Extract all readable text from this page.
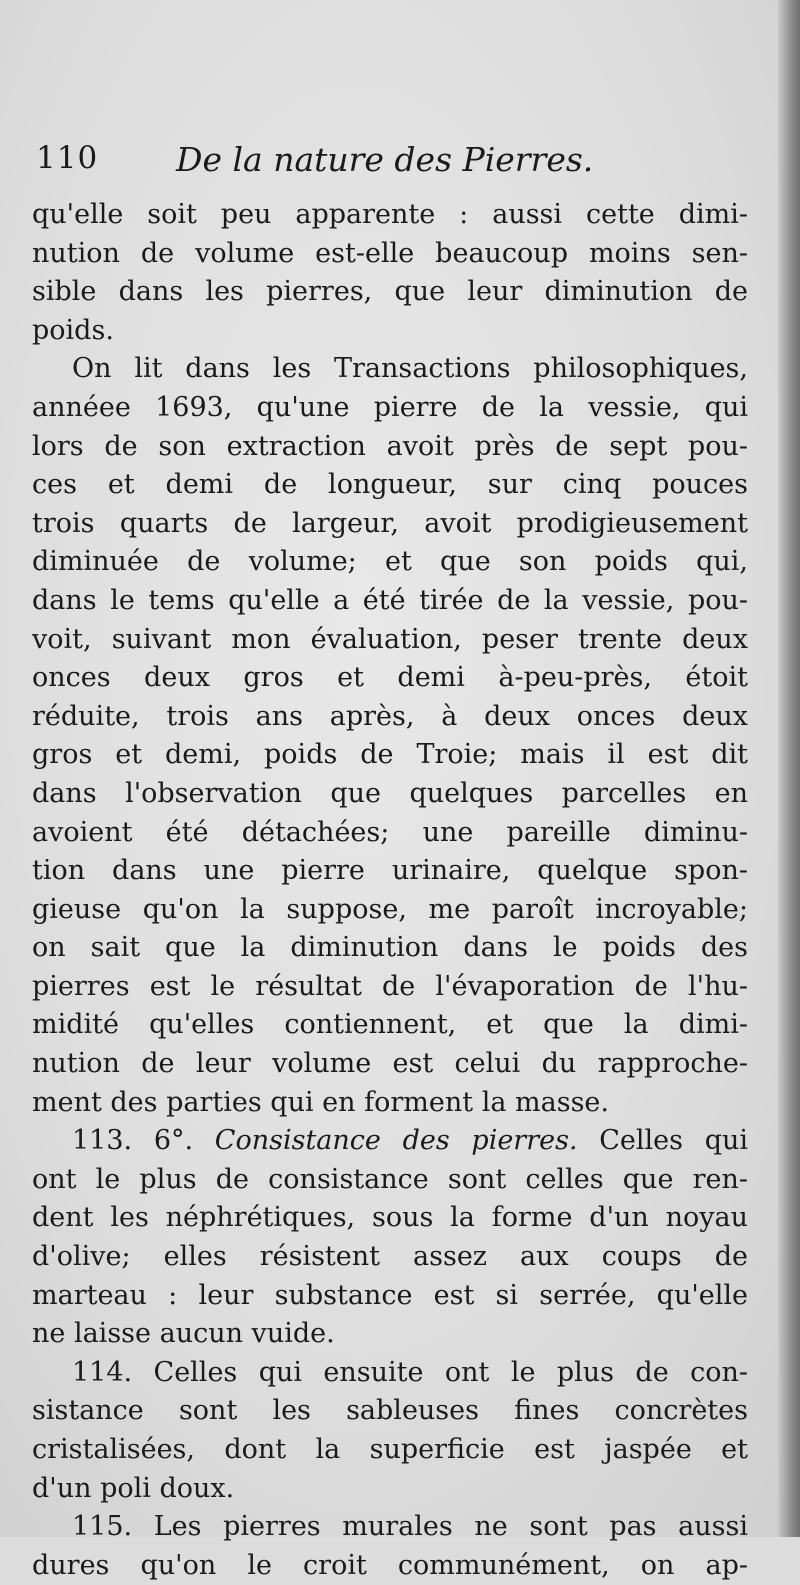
110 De la nature des Pierres.
qu'elle soit peu apparente : aussi cette dimi-
nution de volume est-elle beaucoup moins sen-
sible dans les pierres, que leur diminution de
poids.
On lit dans les Transactions philosophiques,
annéee 1693, qu'une pierre de la vessie, qui
lors de son extraction avoit près de sept pou-
ces et demi de longueur, sur cinq pouces
trois quarts de largeur, avoit prodigieusement
diminuée de volume; et que son poids qui,
dans le tems qu'elle a été tirée de la vessie, pou-
voit, suivant mon évaluation, peser trente deux
onces deux gros et demi à-peu-près, étoit
réduite, trois ans après, à deux onces deux
gros et demi, poids de Troie; mais il est dit
dans l'observation que quelques parcelles en
avoient été détachées; une pareille diminu-
tion dans une pierre urinaire, quelque spon-
gieuse qu'on la suppose, me paroît incroyable;
on sait que la diminution dans le poids des
pierres est le résultat de l'évaporation de l'hu-
midité qu'elles contiennent, et que la dimi-
nution de leur volume est celui du rapproche-
ment des parties qui en forment la masse.
113. 6°. Consistance des pierres. Celles qui
ont le plus de consistance sont celles que ren-
dent les néphrétiques, sous la forme d'un noyau
d'olive; elles résistent assez aux coups de
marteau : leur substance est si serrée, qu'elle
ne laisse aucun vuide.
114. Celles qui ensuite ont le plus de con-
sistance sont les sableuses fines concrètes
cristalisées, dont la superficie est jaspée et
d'un poli doux.
115. Les pierres murales ne sont pas aussi
dures qu'on le croit communément, on ap-
